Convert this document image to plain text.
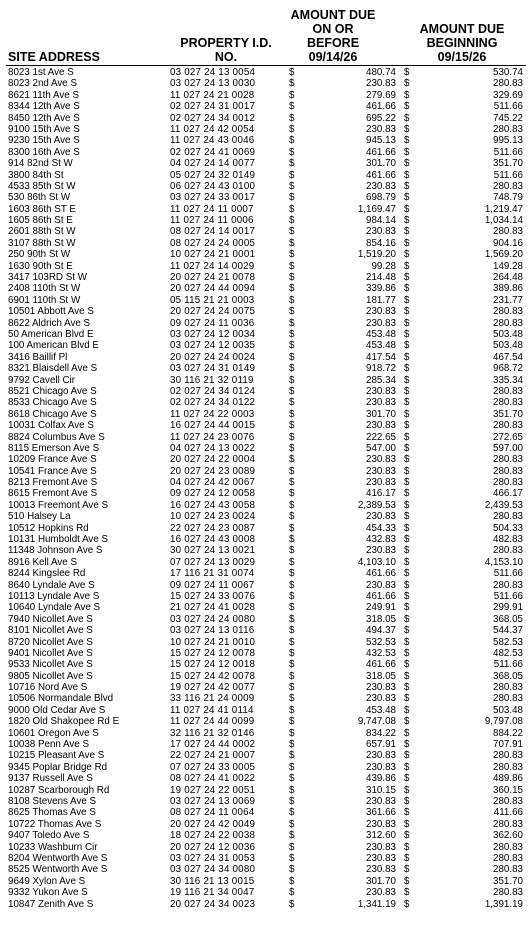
SITE ADDRESS
PROPERTY I.D.
NO.
AMOUNT DUE
ON OR
BEFORE
09/14/26
AMOUNT DUE
BEGINNING
09/15/26
8023 1st Ave S	03 027 24 13 0054	$	480.74 $	530.74
8023 2nd Ave S	03 027 24 13 0030	$	230.83 $	280.83
8621 11th Ave S	11 027 24 21 0028	$	279.69 $	329.69
8344 12th Ave S	02 027 24 31 0017	$	461.66 $	511.66
8450 12th Ave S	02 027 24 34 0012	$	695.22 $	745.22
9100 15th Ave S	11 027 24 42 0054	$	230.83 $	280.83
9230 15th Ave S	11 027 24 43 0046	$	945.13 $	995.13
8300 16th Ave S	02 027 24 41 0069	$	461.66 $	511.66
914 82nd St W	04 027 24 14 0077	$	301.70 $	351.70
3800 84th St	05 027 24 32 0149	$	461.66 $	511.66
4533 85th St W	06 027 24 43 0100	$	230.83 $	280.83
530 86th St W	03 027 24 33 0017	$	698.79 $	748.79
1603 86th ST E	11 027 24 11 0007	$	1,169.47 $	1,219.47
1605 86th St E	11 027 24 11 0006	$	984.14 $	1,034.14
2601 88th St W	08 027 24 14 0017	$	230.83 $	280.83
3107 88th St W	08 027 24 24 0005	$	854.16 $	904.16
250 90th St W	10 027 24 21 0001	$	1,519.20 $	1,569.20
1630 90th St E	11 027 24 14 0029	$	99.28 $	149.28
3417 103RD St W	20 027 24 21 0078	$	214.48 $	264.48
2408 110th St W	20 027 24 44 0094	$	339.86 $	389.86
6901 110th St W	05 115 21 21 0003	$	181.77 $	231.77
10501 Abbott Ave S	20 027 24 24 0075	$	230.83 $	280.83
8622 Aldrich Ave S	09 027 24 11 0036	$	230.83 $	280.83
50 American Blvd E	03 027 24 12 0034	$	453.48 $	503.48
100 American Blvd E	03 027 24 12 0035	$	453.48 $	503.48
3416 Baillif Pl	20 027 24 24 0024	$	417.54 $	467.54
8321 Blaisdell Ave S	03 027 24 31 0149	$	918.72 $	968.72
9792 Cavell Cir	30 116 21 32 0119	$	285.34 $	335.34
8521 Chicago Ave S	02 027 24 34 0124	$	230.83 $	280.83
8533 Chicago Ave S	02 027 24 34 0122	$	230.83 $	280.83
8618 Chicago Ave S	11 027 24 22 0003	$	301.70 $	351.70
10031 Colfax Ave S	16 027 24 44 0015	$	230.83 $	280.83
8824 Columbus Ave S	11 027 24 23 0076	$	222.65 $	272.65
8115 Emerson Ave S	04 027 24 13 0022	$	547.00 $	597.00
10209 France Ave S	20 027 24 22 0004	$	230.83 $	280.83
10541 France Ave S	20 027 24 23 0089	$	230.83 $	280.83
8213 Fremont Ave S	04 027 24 42 0067	$	230.83 $	280.83
8615 Fremont Ave S	09 027 24 12 0058	$	416.17 $	466.17
10013 Freemont Ave S	16 027 24 43 0058	$	2,389.53 $	2,439.53
510 Halsey La	10 027 24 23 0024	$	230.83 $	280.83
10512 Hopkins Rd	22 027 24 23 0087	$	454.33 $	504.33
10131 Humboldt Ave S	16 027 24 43 0008	$	432.83 $	482.83
11348 Johnson Ave S	30 027 24 13 0021	$	230.83 $	280.83
8916 Kell Ave S	07 027 24 13 0029	$	4,103.10 $	4,153.10
8244 Kingslee Rd	17 116 21 31 0074	$	461.66 $	511.66
8640 Lyndale Ave S	09 027 24 11 0067	$	230.83 $	280.83
10113 Lyndale Ave S	15 027 24 33 0076	$	461.66 $	511.66
10640 Lyndale Ave S	21 027 24 41 0028	$	249.91 $	299.91
7940 Nicollet Ave S	03 027 24 24 0080	$	318.05 $	368.05
8101 Nicollet Ave S	03 027 24 13 0116	$	494.37 $	544.37
8720 Nicollet Ave S	10 027 24 21 0010	$	532.53 $	582.53
9401 Nicollet Ave S	15 027 24 12 0078	$	432.53 $	482.53
9533 Nicollet Ave S	15 027 24 12 0018	$	461.66 $	511.66
9805 Nicollet Ave S	15 027 24 42 0078	$	318.05 $	368.05
10716 Nord Ave S	19 027 24 42 0077	$	230.83 $	280.83
10506 Normandale Blvd	33 116 21 24 0009	$	230.83 $	280.83
9000 Old Cedar Ave S	11 027 24 41 0114	$	453.48 $	503.48
1820 Old Shakopee Rd E	11 027 24 44 0099	$	9,747.08 $	9,797.08
10601 Oregon Ave S	32 116 21 32 0146	$	834.22 $	884.22
10038 Penn Ave S	17 027 24 44 0002	$	657.91 $	707.91
10215 Pleasant Ave S	22 027 24 21 0007	$	230.83 $	280.83
9345 Poplar Bridge Rd	07 027 24 33 0005	$	230.83 $	280.83
9137 Russell Ave S	08 027 24 41 0022	$	439.86 $	489.86
10287 Scarborough Rd	19 027 24 22 0051	$	310.15 $	360.15
8108 Stevens Ave S	03 027 24 13 0069	$	230.83 $	280.83
8625 Thomas Ave S	08 027 24 11 0064	$	361.66 $	411.66
10722 Thomas Ave S	20 027 24 42 0049	$	230.83 $	280.83
9407 Toledo Ave S	18 027 24 22 0038	$	312.60 $	362.60
10233 Washburn Cir	20 027 24 12 0036	$	230.83 $	280.83
8204 Wentworth Ave S	03 027 24 31 0053	$	230.83 $	280.83
8525 Wentworth Ave S	03 027 24 34 0080	$	230.83 $	280.83
9649 Xylon Ave S	30 116 21 13 0015	$	301.70 $	351.70
9332 Yukon Ave S	19 116 21 34 0047	$	230.83 $	280.83
10847 Zenith Ave S	20 027 24 34 0023	$	1,341.19 $	1,391.19
